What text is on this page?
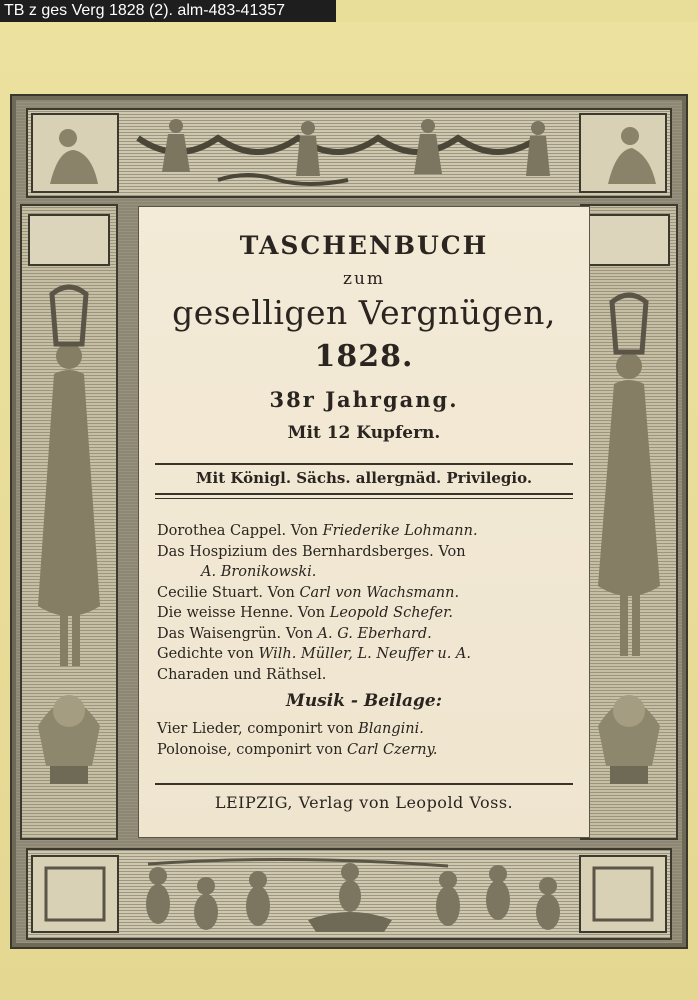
TB z ges Verg 1828 (2). alm-483-41357
TASCHENBUCH
zum
geselligen Vergnügen,
1828.
38r Jahrgang.
Mit 12 Kupfern.
Mit Königl. Sächs. allergnäd. Privilegio.
Dorothea Cappel. Von Friederike Lohmann.
Das Hospizium des Bernhardsberges. Von
A. Bronikowski.
Cecilie Stuart. Von Carl von Wachsmann.
Die weisse Henne. Von Leopold Schefer.
Das Waisengrün. Von A. G. Eberhard.
Gedichte von Wilh. Müller, L. Neuffer u. A.
Charaden und Räthsel.
Musik - Beilage:
Vier Lieder, componirt von Blangini.
Polonoise, componirt von Carl Czerny.
LEIPZIG, Verlag von Leopold Voss.
